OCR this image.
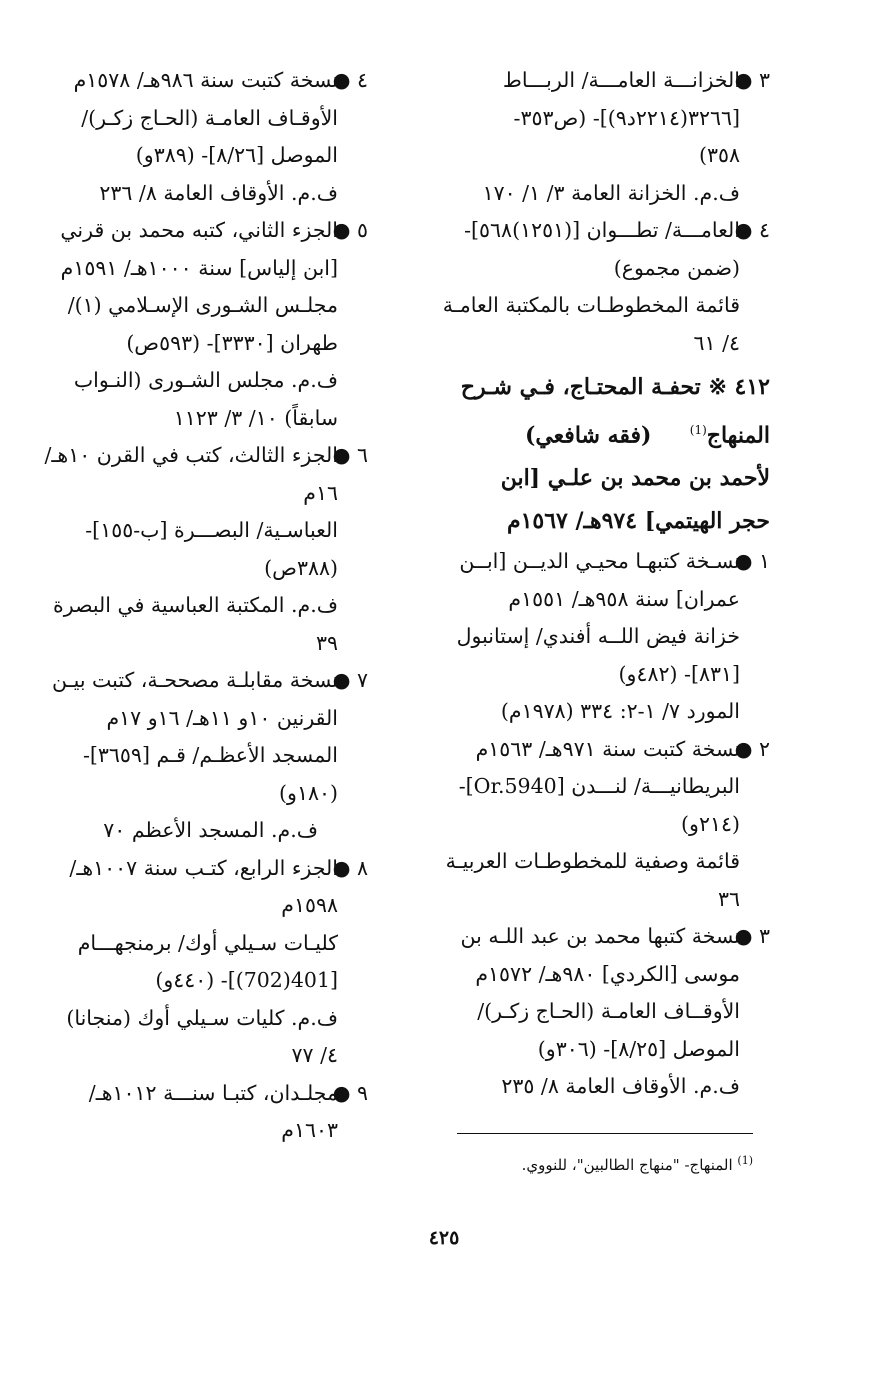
٣ ●
الخزانـــة العامـــة/ الربـــاط
[٣٢٦٦(٢٢١٤د٩)]- (ص٣٥٣-
٣٥٨)
ف.م. الخزانة العامة ٣/ ١/ ١٧٠
٤ ●
العامـــة/ تطـــوان [(١٢٥١)٥٦٨]-
(ضمن مجموع)
قائمة المخطوطـات بالمكتبة العامـة
٤/ ٦١
٤١٢ ※ تحفـة المحتـاج، فـي شـرح
المنهاج$^{(1)}$     (فقه شافعي)
لأحمد بن محمد بن علـي [ابن
حجر الهيتمي] ٩٧٤هـ/ ١٥٦٧م
١ ●
نسـخة كتبهـا محيـي الديــن [ابــن
عمران] سنة ٩٥٨هـ/ ١٥٥١م
خزانة فيض اللــه أفندي/ إستانبول
[٨٣١]- (٤٨٢و)
المورد ٧/ ١-٢: ٣٣٤ (١٩٧٨م)
٢ ●
نسخة كتبت سنة ٩٧١هـ/ ١٥٦٣م
البريطانيـــة/ لنـــدن [Or.5940]-
(٢١٤و)
قائمة وصفية للمخطوطـات العربيـة
٣٦
٣ ●
نسخة كتبها محمد بن عبد اللـه بن
موسى [الكردي] ٩٨٠هـ/ ١٥٧٢م
الأوقــاف العامـة (الحـاج زكـر)/
الموصل [٨/٢٥]- (٣٠٦و)
ف.م. الأوقاف العامة ٨/ ٢٣٥
٤ ●
نسخة كتبت سنة ٩٨٦هـ/ ١٥٧٨م
الأوقـاف العامـة (الحـاج زكـر)/
الموصل [٨/٢٦]- (٣٨٩و)
ف.م. الأوقاف العامة ٨/ ٢٣٦
٥ ●
الجزء الثاني، كتبه محمد بن قرني
[ابن إلياس] سنة ١٠٠٠هـ/ ١٥٩١م
مجلـس الشـورى الإسـلامي (١)/
طهران [٣٣٣٠]- (٥٩٣ص)
ف.م. مجلس الشـورى (النـواب
سابقاً) ١٠/ ٣/ ١١٢٣
٦ ●
الجزء الثالث، كتب في القرن ١٠هـ/
١٦م
العباسـية/ البصـــرة [ب-١٥٥]-
(٣٨٨ص)
ف.م. المكتبة العباسية في البصرة
٣٩
٧ ●
نسخة مقابلـة مصححـة، كتبت بيـن
القرنين ١٠و ١١هـ/ ١٦و ١٧م
المسجد الأعظـم/ قـم [٣٦٥٩]-
(١٨٠و)
ف.م. المسجد الأعظم ٧٠
٨ ●
الجزء الرابع، كتـب سنة ١٠٠٧هـ/
١٥٩٨م
كليـات سـيلي أوك/ برمنجهـــام
[401(702)]- (٤٤٠و)
ف.م. كليات سـيلي أوك (منجانا)
٤/ ٧٧
٩ ●
مجلـدان، كتبـا سنـــة ١٠١٢هـ/
١٦٠٣م
$^{(1)}$ المنهاج- "منهاج الطالبين"، للنووي.
٤٢٥
